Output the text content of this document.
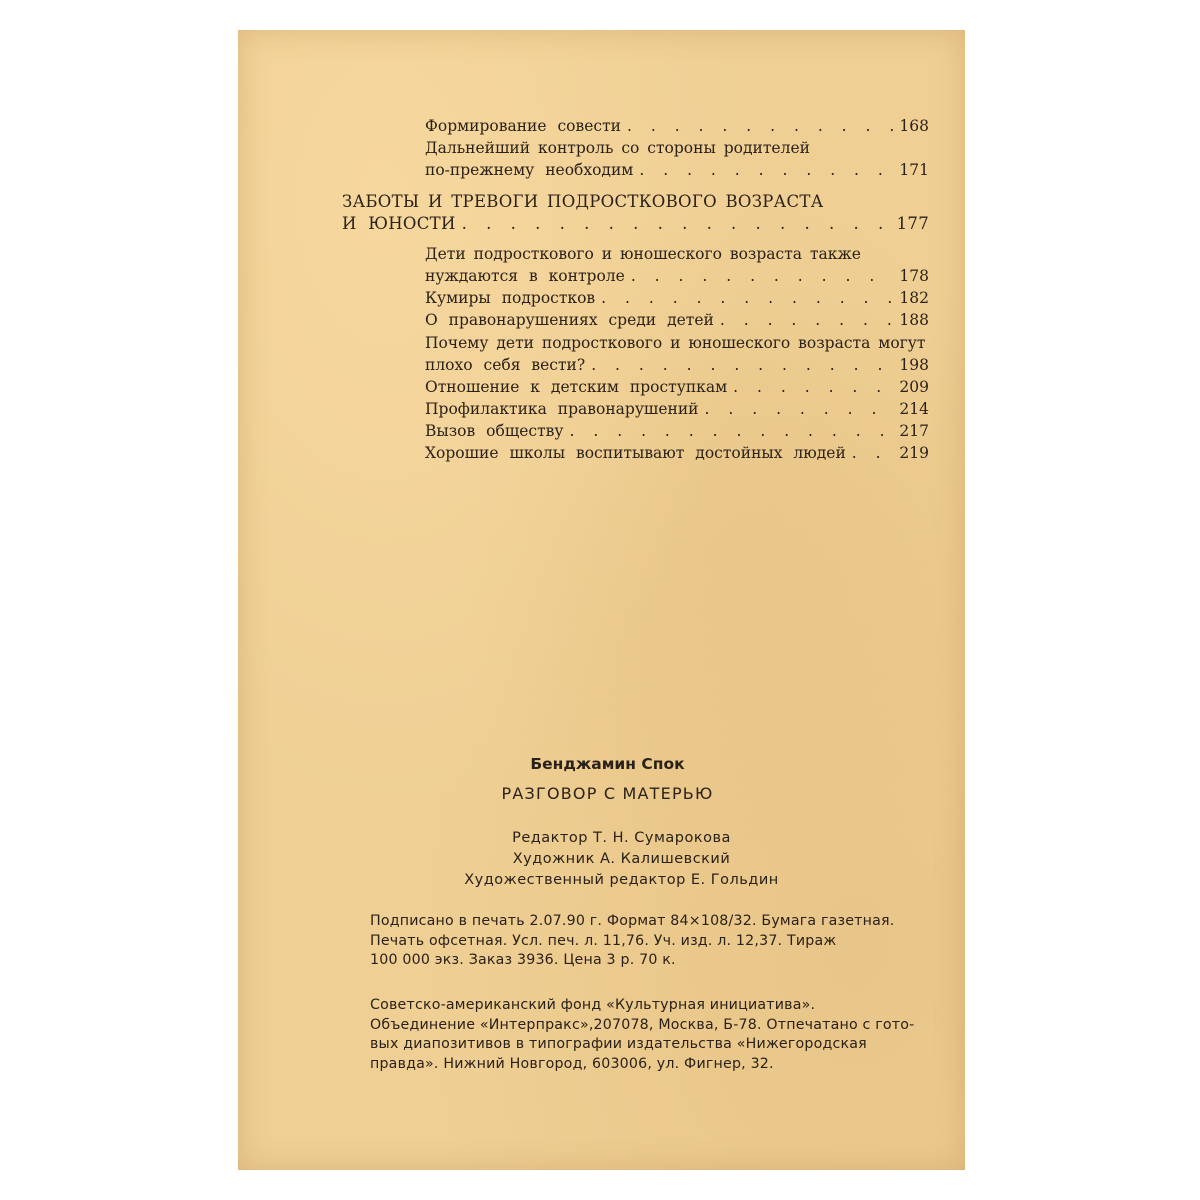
Формирование совести . . .	168
Дальнейший контроль со стороны родителей
по-прежнему необходим . . .	171
ЗАБОТЫ И ТРЕВОГИ ПОДРОСТКОВОГО ВОЗРАСТА
И ЮНОСТИ . . .	177
Дети подросткового и юношеского возраста также
нуждаются в контроле . . .	178
Кумиры подростков . . .	182
О правонарушениях среди детей . . .	188
Почему дети подросткового и юношеского возраста могут
плохо себя вести? . . .	198
Отношение к детским проступкам . . .	209
Профилактика правонарушений . . .	214
Вызов обществу . . .	217
Хорошие школы воспитывают достойных людей . . .	219
Бенджамин Спок
РАЗГОВОР С МАТЕРЬЮ
Редактор Т. Н. Сумарокова
Художник А. Калишевский
Художественный редактор Е. Гольдин
Подписано в печать 2.07.90 г. Формат 84×108/32. Бумага газетная.
Печать офсетная. Усл. печ. л. 11,76. Уч. изд. л. 12,37. Тираж
100 000 экз. Заказ 3936. Цена 3 р. 70 к.
Советско-американский фонд «Культурная инициатива».
Объединение «Интерпракс»,207078, Москва, Б-78. Отпечатано с гото-
вых диапозитивов в типографии издательства «Нижегородская
правда». Нижний Новгород, 603006, ул. Фигнер, 32.
